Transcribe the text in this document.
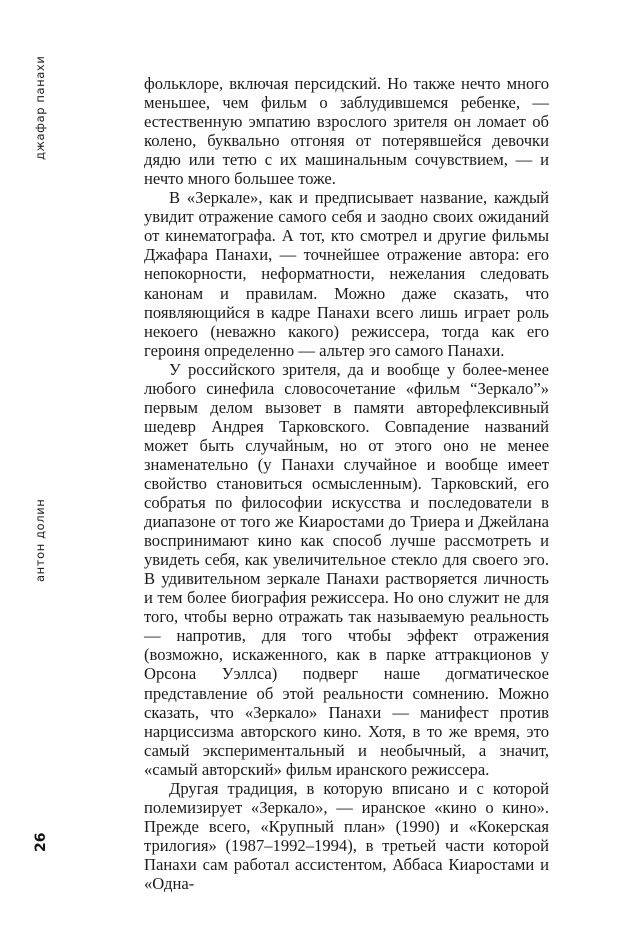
джафар панахи
антон долин
26

фольклоре, включая персидский. Но также нечто много меньшее, чем фильм о заблудившемся ребенке, — естественную эмпатию взрослого зрителя он ломает об колено, буквально отгоняя от потерявшейся девочки дядю или тетю с их машинальным сочувствием, — и нечто много большее тоже.

В «Зеркале», как и предписывает название, каждый увидит отражение самого себя и заодно своих ожиданий от кинематографа. А тот, кто смотрел и другие фильмы Джафара Панахи, — точнейшее отражение автора: его непокорности, неформатности, нежелания следовать канонам и правилам. Можно даже сказать, что появляющийся в кадре Панахи всего лишь играет роль некоего (неважно какого) режиссера, тогда как его героиня определенно — альтер эго самого Панахи.

У российского зрителя, да и вообще у более-менее любого синефила словосочетание «фильм “Зеркало”» первым делом вызовет в памяти авторефлексивный шедевр Андрея Тарковского. Совпадение названий может быть случайным, но от этого оно не менее знаменательно (у Панахи случайное и вообще имеет свойство становиться осмысленным). Тарковский, его собратья по философии искусства и последователи в диапазоне от того же Киаростами до Триера и Джейлана воспринимают кино как способ лучше рассмотреть и увидеть себя, как увеличительное стекло для своего эго. В удивительном зеркале Панахи растворяется личность и тем более биография режиссера. Но оно служит не для того, чтобы верно отражать так называемую реальность — напротив, для того чтобы эффект отражения (возможно, искаженного, как в парке аттракционов у Орсона Уэллса) подверг наше догматическое представление об этой реальности сомнению. Можно сказать, что «Зеркало» Панахи — манифест против нарциссизма авторского кино. Хотя, в то же время, это самый экспериментальный и необычный, а значит, «самый авторский» фильм иранского режиссера.

Другая традиция, в которую вписано и с которой полемизирует «Зеркало», — иранское «кино о кино». Прежде всего, «Крупный план» (1990) и «Кокерская трилогия» (1987–1992–1994), в третьей части которой Панахи сам работал ассистентом, Аббаса Киаростами и «Одна-
